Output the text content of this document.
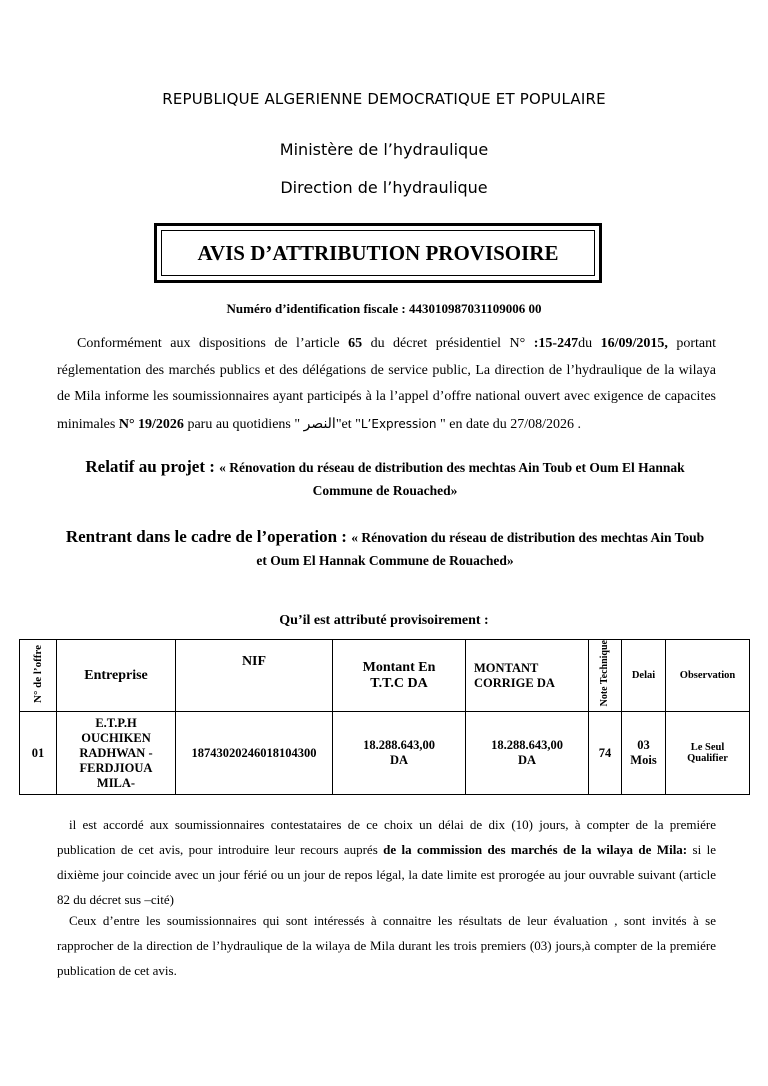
REPUBLIQUE ALGERIENNE DEMOCRATIQUE ET POPULAIRE
Ministère de l’hydraulique
Direction de l’hydraulique
AVIS D’ATTRIBUTION PROVISOIRE
Numéro d’identification fiscale : 443010987031109006 00
Conformément aux dispositions de l’article 65 du décret présidentiel N° :15-247du 16/09/2015, portant réglementation des marchés publics et des délégations de service public, La direction de l’hydraulique de la wilaya de Mila informe les soumissionnaires ayant participés à la l’appel d’offre national ouvert avec exigence de capacites minimales N° 19/2026 paru au quotidiens " النصر"et "L’Expression " en date du 27/08/2026 .
Relatif au projet : « Rénovation du réseau de distribution des mechtas Ain Toub et Oum El Hannak Commune de Rouached»
Rentrant dans le cadre de l’operation : « Rénovation du réseau de distribution des mechtas Ain Toub et Oum El Hannak Commune de Rouached»
Qu’il est attributé provisoirement :
N° de l’offre	Entreprise	NIF	Montant En T.T.C DA	MONTANT CORRIGE DA	Note Technique	Delai	Observation
01	E.T.P.H OUCHIKEN RADHWAN -FERDJIOUA MILA-	18743020246018104300	18.288.643,00 DA	18.288.643,00 DA	74	03 Mois	Le Seul Qualifier
il est accordé aux soumissionnaires contestataires de ce choix un délai de dix (10) jours, à compter de la premiére publication de cet avis, pour introduire leur recours auprés de la commission des marchés de la wilaya de Mila: si le dixième jour coincide avec un jour férié ou un jour de repos légal, la date limite est prorogée au jour ouvrable suivant (article 82 du décret sus –cité)
Ceux d’entre les soumissionnaires qui sont intéressés à connaitre les résultats de leur évaluation , sont invités à se rapprocher de la direction de l’hydraulique de la wilaya de Mila durant les trois premiers (03) jours,à compter de la premiére publication de cet avis.
